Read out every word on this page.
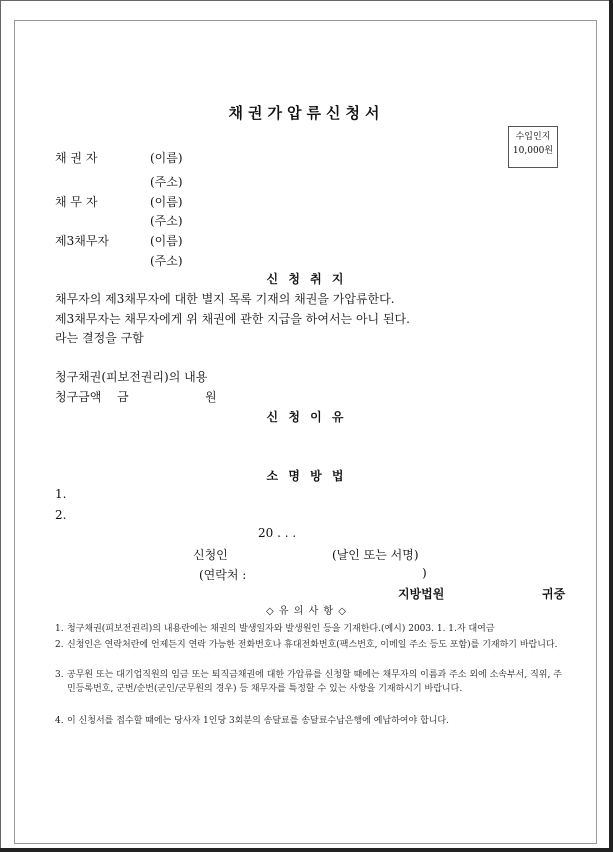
채권가압류신청서
수입인지
10,000원
채 권 자	(이름)
(주소)
채 무 자	(이름)
(주소)
제3채무자	(이름)
(주소)
신 청 취 지
채무자의 제3채무자에 대한 별지 목록 기재의 채권을 가압류한다.
제3채무자는 채무자에게 위 채권에 관한 지급을 하여서는 아니 된다.
라는 결정을 구함
청구채권(피보전권리)의 내용
청구금액 금	원
신 청 이 유
소 명 방 법
1.
2.
20 . . .
신청인	(날인 또는 서명)
(연락처 :	)
지방법원	귀중
◇ 유 의 사 항 ◇
1. 청구채권(피보전권리)의 내용란에는 채권의 발생일자와 발생원인 등을 기재한다.(예시) 2003. 1. 1.자 대여금
2. 신청인은 연락처란에 언제든지 연락 가능한 전화번호나 휴대전화번호(팩스번호, 이메일 주소 등도 포함)를 기재하기 바랍니다.
3. 공무원 또는 대기업직원의 임금 또는 퇴직금채권에 대한 가압류를 신청할 때에는 채무자의 이름과 주소 외에 소속부서, 직위, 주민등록번호, 군번/순번(군인/군무원의 경우) 등 채무자를 특정할 수 있는 사항을 기재하시기 바랍니다.
4. 이 신청서를 접수할 때에는 당사자 1인당 3회분의 송달료를 송달료수납은행에 예납하여야 합니다.
